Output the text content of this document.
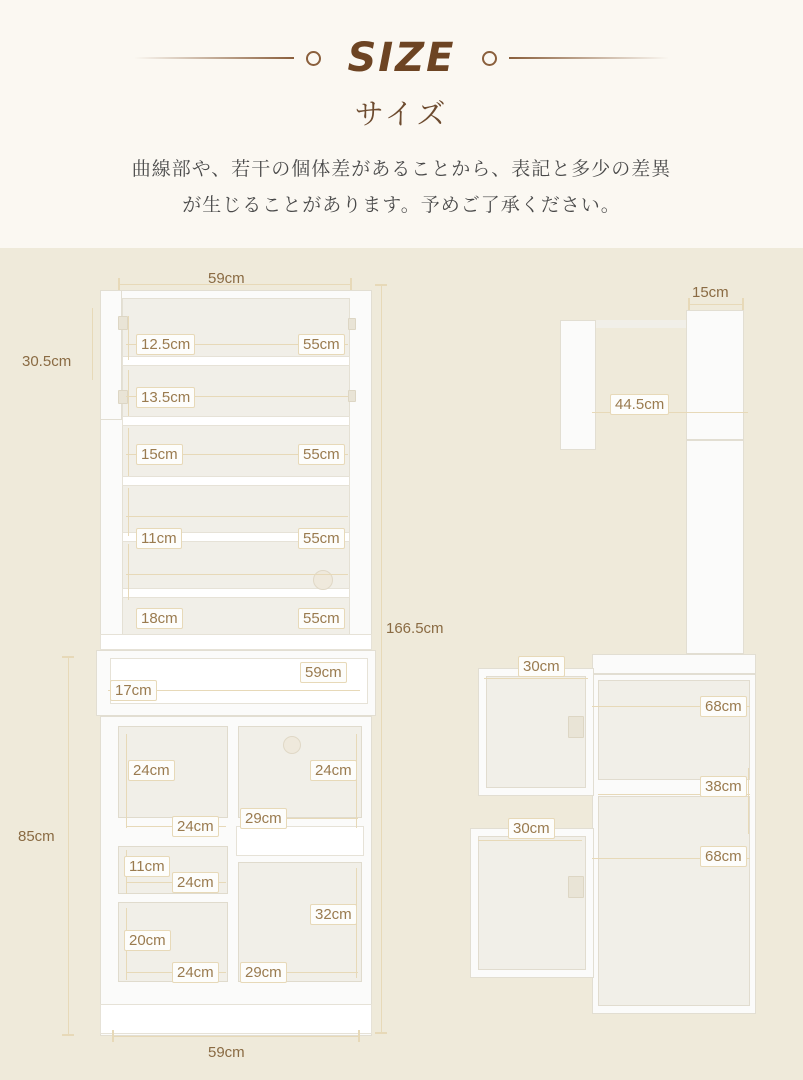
SIZE
サイズ
曲線部や、若干の個体差があることから、表記と多少の差異
が生じることがあります。予めご了承ください。
59cm
30.5cm
12.5cm	55cm
13.5cm
15cm	55cm
11cm	55cm
18cm	55cm
166.5cm
59cm
17cm
85cm
24cm
24cm
24cm
29cm
11cm
24cm
20cm
24cm
32cm
29cm
59cm
15cm
44.5cm
30cm
68cm
38cm
30cm
68cm
